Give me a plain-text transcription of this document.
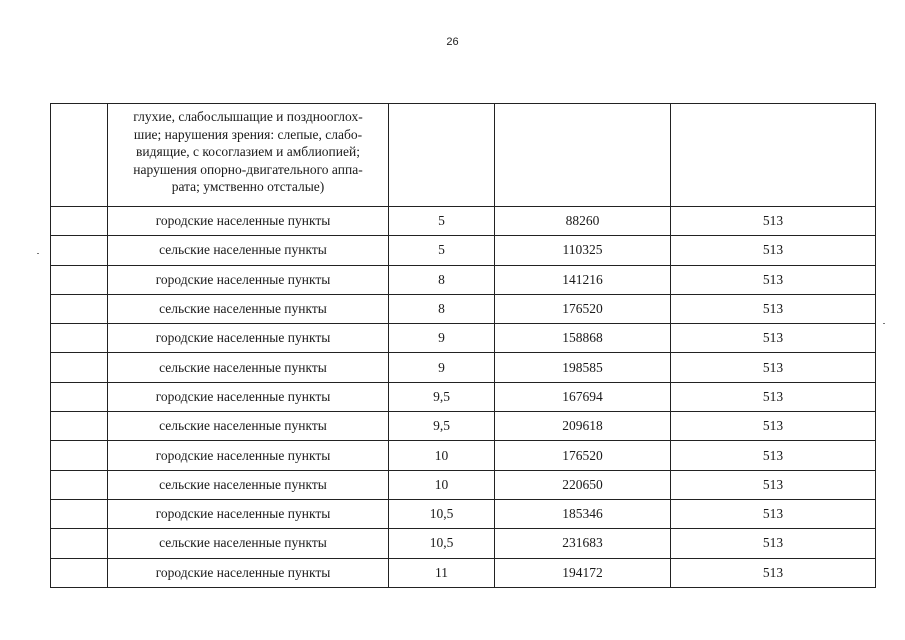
26

	глухие, слабослышащие и позднооглох-
шие; нарушения зрения: слепые, слабо-
видящие, с косоглазием и амблиопией;
нарушения опорно-двигательного аппа-
рата; умственно отсталые)			

	городские населенные пункты	5	88260	513
	сельские населенные пункты	5	110325	513
	городские населенные пункты	8	141216	513
	сельские населенные пункты	8	176520	513
	городские населенные пункты	9	158868	513
	сельские населенные пункты	9	198585	513
	городские населенные пункты	9,5	167694	513
	сельские населенные пункты	9,5	209618	513
	городские населенные пункты	10	176520	513
	сельские населенные пункты	10	220650	513
	городские населенные пункты	10,5	185346	513
	сельские населенные пункты	10,5	231683	513
	городские населенные пункты	11	194172	513
